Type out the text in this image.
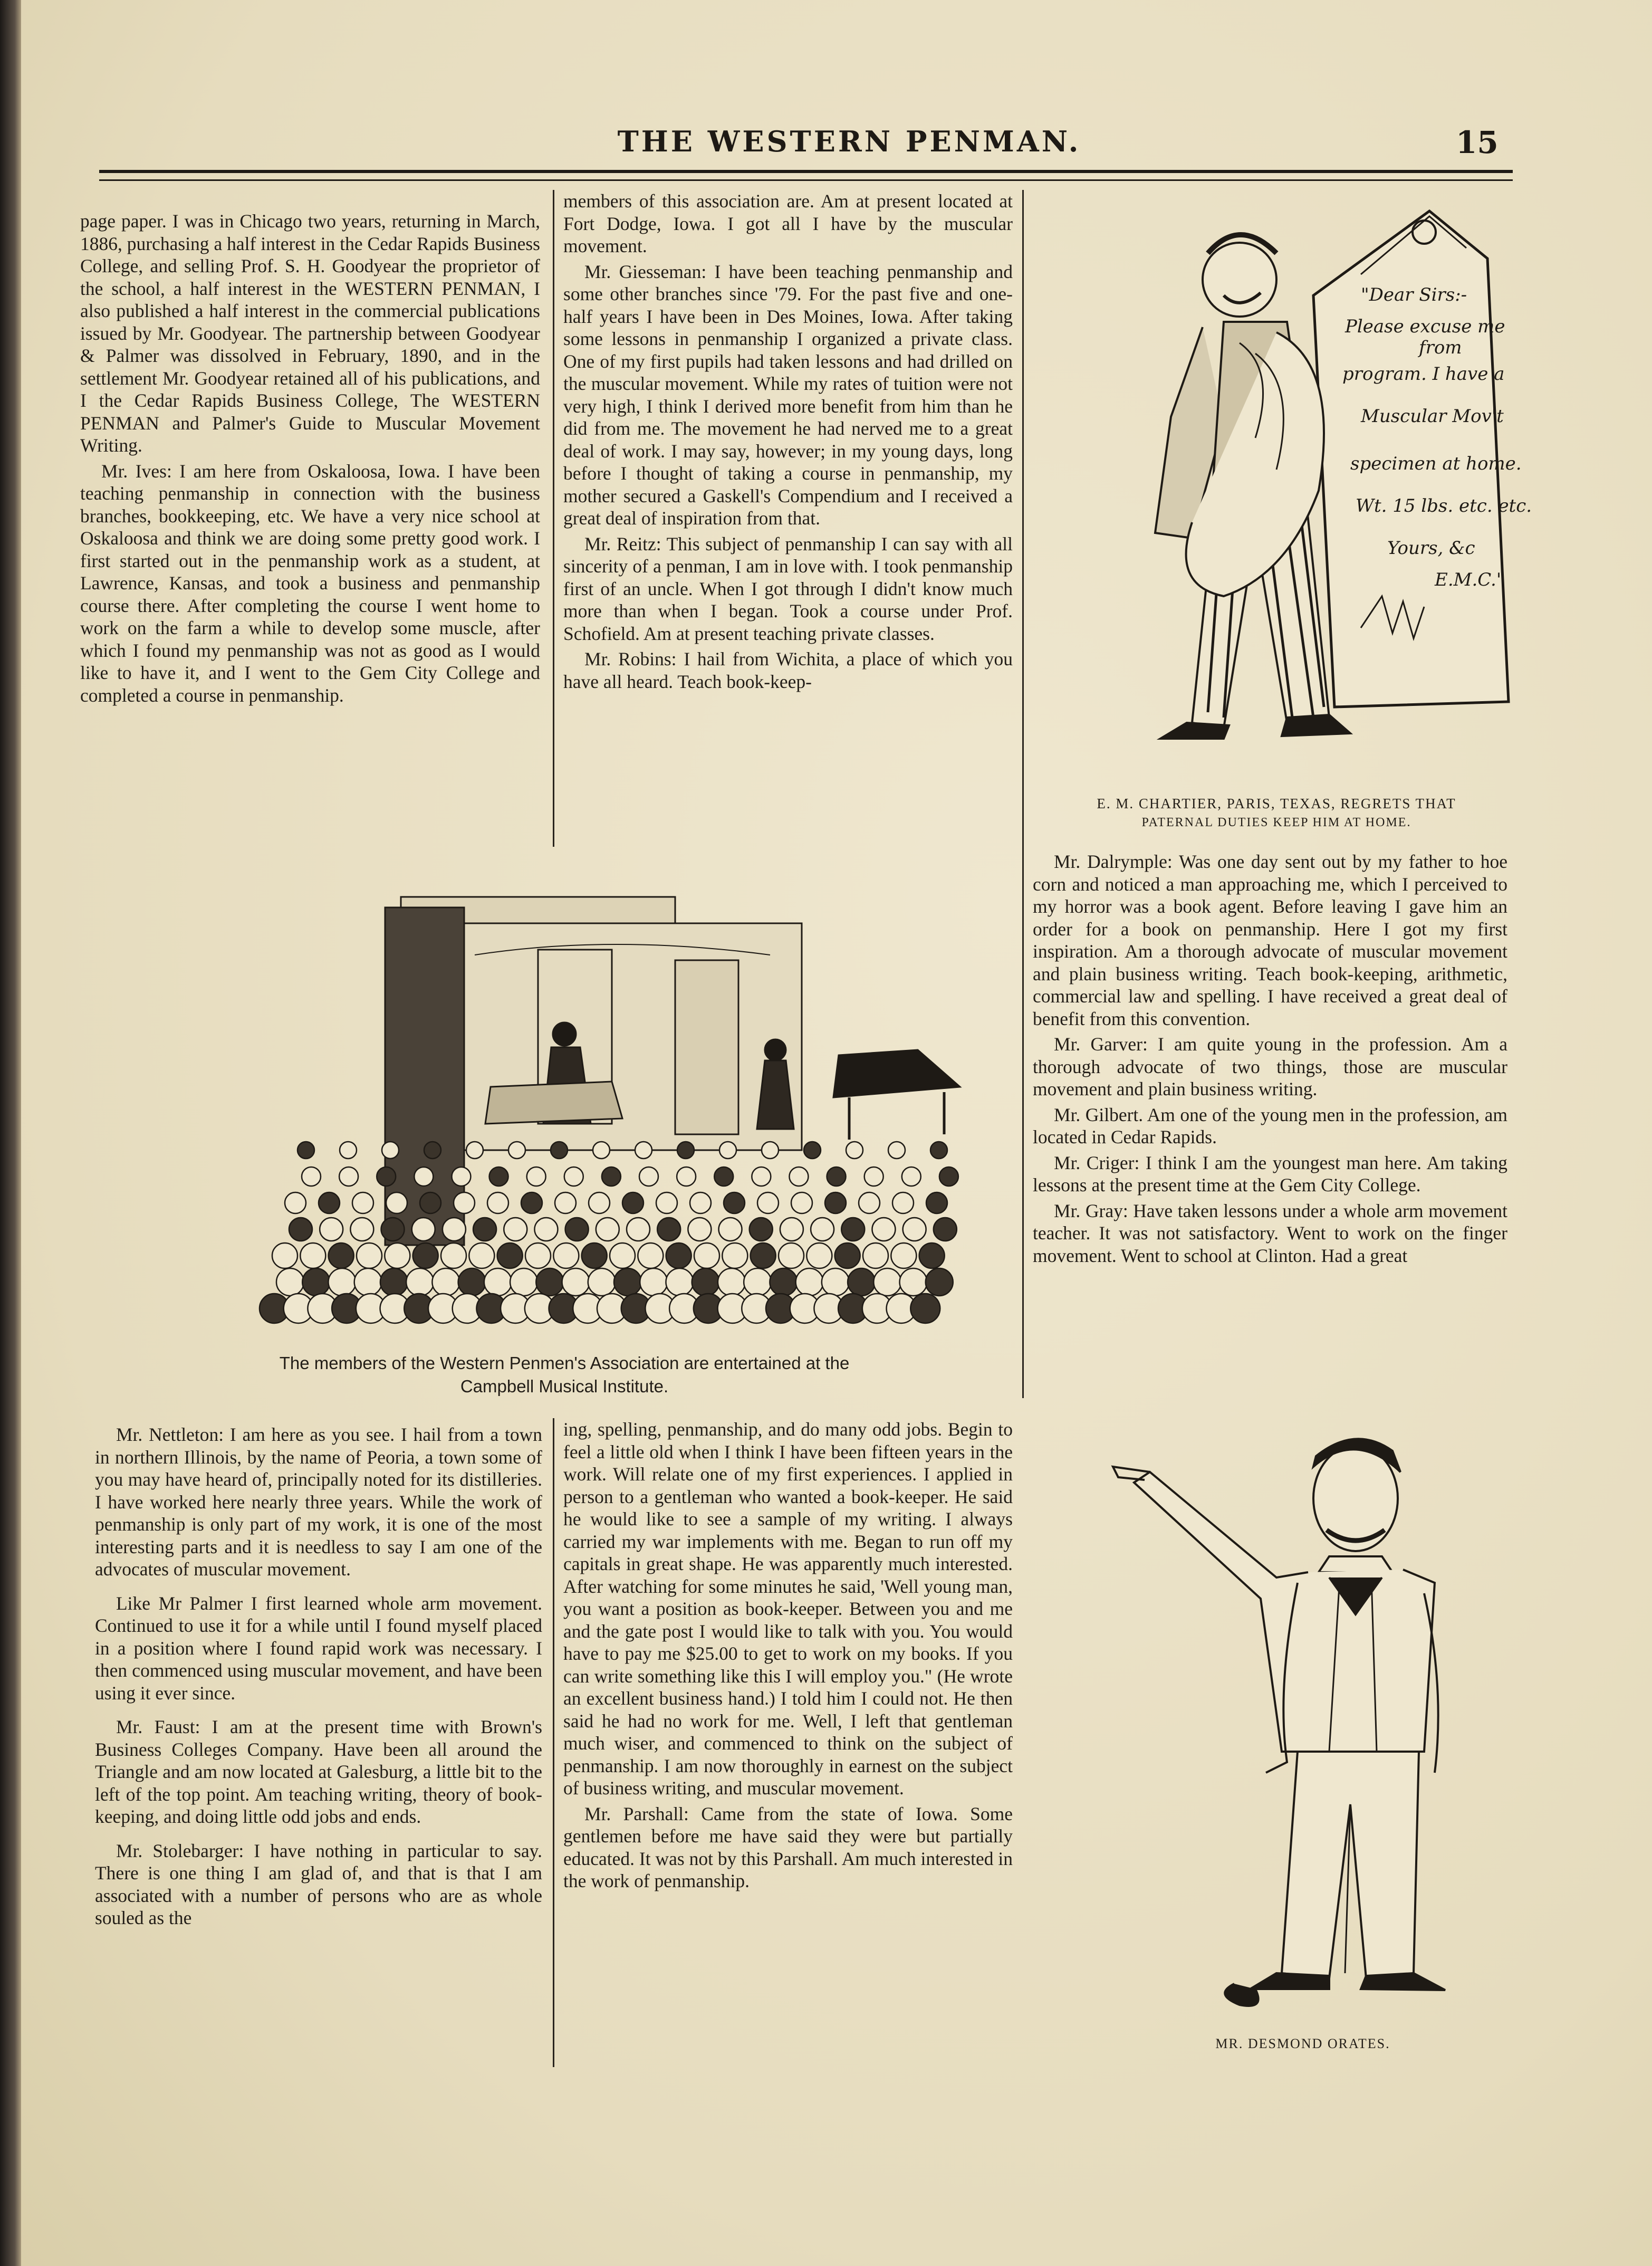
THE WESTERN PENMAN.	15

page paper. I was in Chicago two years, returning in March, 1886, purchasing a half interest in the Cedar Rapids Business College, and selling Prof. S. H. Goodyear the proprietor of the school, a half interest in the WESTERN PENMAN, I also published a half interest in the commercial publications issued by Mr. Goodyear. The partnership between Goodyear & Palmer was dissolved in February, 1890, and in the settlement Mr. Goodyear retained all of his publications, and I the Cedar Rapids Business College, The WESTERN PENMAN and Palmer's Guide to Muscular Movement Writing.

Mr. Ives: I am here from Oskaloosa, Iowa. I have been teaching penmanship in connection with the business branches, bookkeeping, etc. We have a very nice school at Oskaloosa and think we are doing some pretty good work. I first started out in the penmanship work as a student, at Lawrence, Kansas, and took a business and penmanship course there. After completing the course I went home to work on the farm a while to develop some muscle, after which I found my penmanship was not as good as I would like to have it, and I went to the Gem City College and completed a course in penmanship.

members of this association are. Am at present located at Fort Dodge, Iowa. I got all I have by the muscular movement.

Mr. Giesseman: I have been teaching penmanship and some other branches since '79. For the past five and one-half years I have been in Des Moines, Iowa. After taking some lessons in penmanship I organized a private class. One of my first pupils had taken lessons and had drilled on the muscular movement. While my rates of tuition were not very high, I think I derived more benefit from him than he did from me. The movement he had nerved me to a great deal of work. I may say, however; in my young days, long before I thought of taking a course in penmanship, my mother secured a Gaskell's Compendium and I received a great deal of inspiration from that.

Mr. Reitz: This subject of penmanship I can say with all sincerity of a penman, I am in love with. I took penmanship first of an uncle. When I got through I didn't know much more than when I began. Took a course under Prof. Schofield. Am at present teaching private classes.

Mr. Robins: I hail from Wichita, a place of which you have all heard. Teach book-keep-

"Dear Sirs:-
Please excuse me
from
program. I have a
Muscular Mov't
specimen at home.
Wt. 15 lbs. etc. etc.
Yours, &c
E.M.C."
E. M. CHARTIER, PARIS, TEXAS, REGRETS THAT
PATERNAL DUTIES KEEP HIM AT HOME.

Mr. Dalrymple: Was one day sent out by my father to hoe corn and noticed a man approaching me, which I perceived to my horror was a book agent. Before leaving I gave him an order for a book on penmanship. Here I got my first inspiration. Am a thorough advocate of muscular movement and plain business writing. Teach book-keeping, arithmetic, commercial law and spelling. I have received a great deal of benefit from this convention.

Mr. Garver: I am quite young in the profession. Am a thorough advocate of two things, those are muscular movement and plain business writing.

Mr. Gilbert. Am one of the young men in the profession, am located in Cedar Rapids.

Mr. Criger: I think I am the youngest man here. Am taking lessons at the present time at the Gem City College.

Mr. Gray: Have taken lessons under a whole arm movement teacher. It was not satisfactory. Went to work on the finger movement. Went to school at Clinton. Had a great

The members of the Western Penmen's Association are entertained at the
Campbell Musical Institute.

Mr. Nettleton: I am here as you see. I hail from a town in northern Illinois, by the name of Peoria, a town some of you may have heard of, principally noted for its distilleries. I have worked here nearly three years. While the work of penmanship is only part of my work, it is one of the most interesting parts and it is needless to say I am one of the advocates of muscular movement.

Like Mr Palmer I first learned whole arm movement. Continued to use it for a while until I found myself placed in a position where I found rapid work was necessary. I then commenced using muscular movement, and have been using it ever since.

Mr. Faust: I am at the present time with Brown's Business Colleges Company. Have been all around the Triangle and am now located at Galesburg, a little bit to the left of the top point. Am teaching writing, theory of book-keeping, and doing little odd jobs and ends.

Mr. Stolebarger: I have nothing in particular to say. There is one thing I am glad of, and that is that I am associated with a number of persons who are as whole souled as the

ing, spelling, penmanship, and do many odd jobs. Begin to feel a little old when I think I have been fifteen years in the work. Will relate one of my first experiences. I applied in person to a gentleman who wanted a book-keeper. He said he would like to see a sample of my writing. I always carried my war implements with me. Began to run off my capitals in great shape. He was apparently much interested. After watching for some minutes he said, 'Well young man, you want a position as book-keeper. Between you and me and the gate post I would like to talk with you. You would have to pay me $25.00 to get to work on my books. If you can write something like this I will employ you." (He wrote an excellent business hand.) I told him I could not. He then said he had no work for me. Well, I left that gentleman much wiser, and commenced to think on the subject of penmanship. I am now thoroughly in earnest on the subject of business writing, and muscular movement.

Mr. Parshall: Came from the state of Iowa. Some gentlemen before me have said they were but partially educated. It was not by this Parshall. Am much interested in the work of penmanship.

MR. DESMOND ORATES.
